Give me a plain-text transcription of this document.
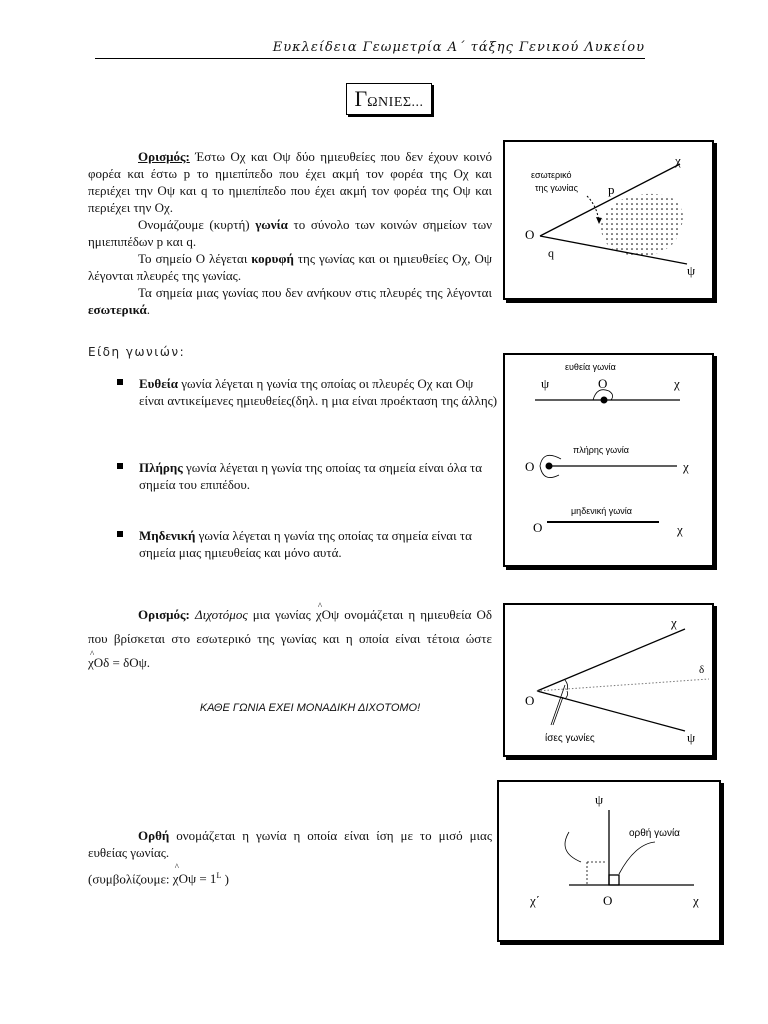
Ευκλείδεια Γεωμετρία Α΄ τάξης Γενικού Λυκείου
ΓΩΝΙΕΣ...
Ορισμός: Έστω Οχ και Οψ δύο ημιευθείες που δεν έχουν κοινό φορέα και έστω p το ημιεπίπεδο που έχει ακμή τον φορέα της Οχ και περιέχει την Οψ και q το ημιεπίπεδο που έχει ακμή τον φορέα της Οψ και περιέχει την Οχ.
Ονομάζουμε (κυρτή) γωνία το σύνολο των κοινών σημείων των ημιεπιπέδων p και q.
Το σημείο Ο λέγεται κορυφή της γωνίας και οι ημιευθείες Οχ, Οψ λέγονται πλευρές της γωνίας.
Τα σημεία μιας γωνίας που δεν ανήκουν στις πλευρές της λέγονται εσωτερικά.
εσωτερικό
της γωνίας p
q
Ο
χ
ψ
Είδη γωνιών:
Ευθεία γωνία λέγεται η γωνία της οποίας οι πλευρές Οχ και Οψ είναι αντικείμενες ημιευθείες(δηλ. η μια είναι προέκταση της άλλης)
Πλήρης γωνία λέγεται η γωνία της οποίας τα σημεία είναι όλα τα σημεία του επιπέδου.
Μηδενική γωνία λέγεται η γωνία της οποίας τα σημεία είναι τα σημεία μιας ημιευθείας και μόνο αυτά.
ευθεία γωνία
ψ	Ο	χ
πλήρης γωνία
Ο	χ
μηδενική γωνία
Ο	χ
Ορισμός: Διχοτόμος μια γωνίας ^ χΟψ ονομάζεται η ημιευθεία Οδ που βρίσκεται στο εσωτερικό της γωνίας και η οποία είναι τέτοια ώστε ^ χΟδ = δΟψ.
ΚΑΘΕ ΓΩΝΙΑ ΕΧΕΙ ΜΟΝΑΔΙΚΗ ΔΙΧΟΤΟΜΟ!	Ο
χ
δ
ψ
ίσες γωνίες
Ορθή ονομάζεται η γωνία η οποία είναι ίση με το μισό μιας ευθείας γωνίας.
(συμβολίζουμε: ^ $\chi O\psi = 1^L$ )
ψ
ορθή γωνία
χ΄	Ο	χ
